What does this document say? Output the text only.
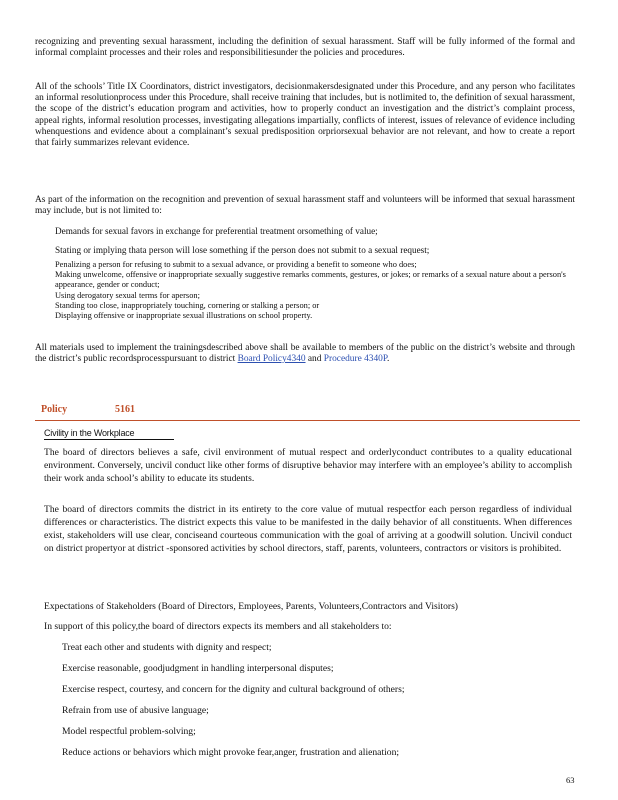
recognizing and preventing sexual harassment, including the definition of sexual harassment. Staff will be fully informed of the formal and informal complaint processes and their roles and responsibilitiesunder the policies and procedures.

All of the schools’ Title IX Coordinators, district investigators, decisionmakersdesignated under this Procedure, and any person who facilitates an informal resolutionprocess under this Procedure, shall receive training that includes, but is notlimited to, the definition of sexual harassment, the scope of the district’s education program and activities, how to properly conduct an investigation and the district’s complaint process, appeal rights, informal resolution processes, investigating allegations impartially, conflicts of interest, issues of relevance of evidence including whenquestions and evidence about a complainant’s sexual predisposition orpriorsexual behavior are not relevant, and how to create a report that fairly summarizes relevant evidence.

As part of the information on the recognition and prevention of sexual harassment staff and volunteers will be informed that sexual harassment may include, but is not limited to:

Demands for sexual favors in exchange for preferential treatment orsomething of value;
Stating or implying thata person will lose something if the person does not submit to a sexual request;
Penalizing a person for refusing to submit to a sexual advance, or providing a benefit to someone who does;
Making unwelcome, offensive or inappropriate sexually suggestive remarks comments, gestures, or jokes; or remarks of a sexual nature about a person's appearance, gender or conduct;
Using derogatory sexual terms for aperson;
Standing too close, inappropriately touching, cornering or stalking a person; or
Displaying offensive or inappropriate sexual illustrations on school property.

All materials used to implement the trainingsdescribed above shall be available to members of the public on the district’s website and through the district’s public recordsprocesspursuant to district Board Policy4340 and Procedure 4340P.

Policy	5161
Civility in the Workplace

The board of directors believes a safe, civil environment of mutual respect and orderlyconduct contributes to a quality educational environment. Conversely, uncivil conduct like other forms of disruptive behavior may interfere with an employee’s ability to accomplish their work anda school’s ability to educate its students.

The board of directors commits the district in its entirety to the core value of mutual respectfor each person regardless of individual differences or characteristics. The district expects this value to be manifested in the daily behavior of all constituents. When differences exist, stakeholders will use clear, conciseand courteous communication with the goal of arriving at a goodwill solution. Uncivil conduct on district propertyor at district -sponsored activities by school directors, staff, parents, volunteers, contractors or visitors is prohibited.

Expectations of Stakeholders (Board of Directors, Employees, Parents, Volunteers,Contractors and Visitors)

In support of this policy,the board of directors expects its members and all stakeholders to:

Treat each other and students with dignity and respect;
Exercise reasonable, goodjudgment in handling interpersonal disputes;
Exercise respect, courtesy, and concern for the dignity and cultural background of others;
Refrain from use of abusive language;
Model respectful problem-solving;
Reduce actions or behaviors which might provoke fear,anger, frustration and alienation;
63
